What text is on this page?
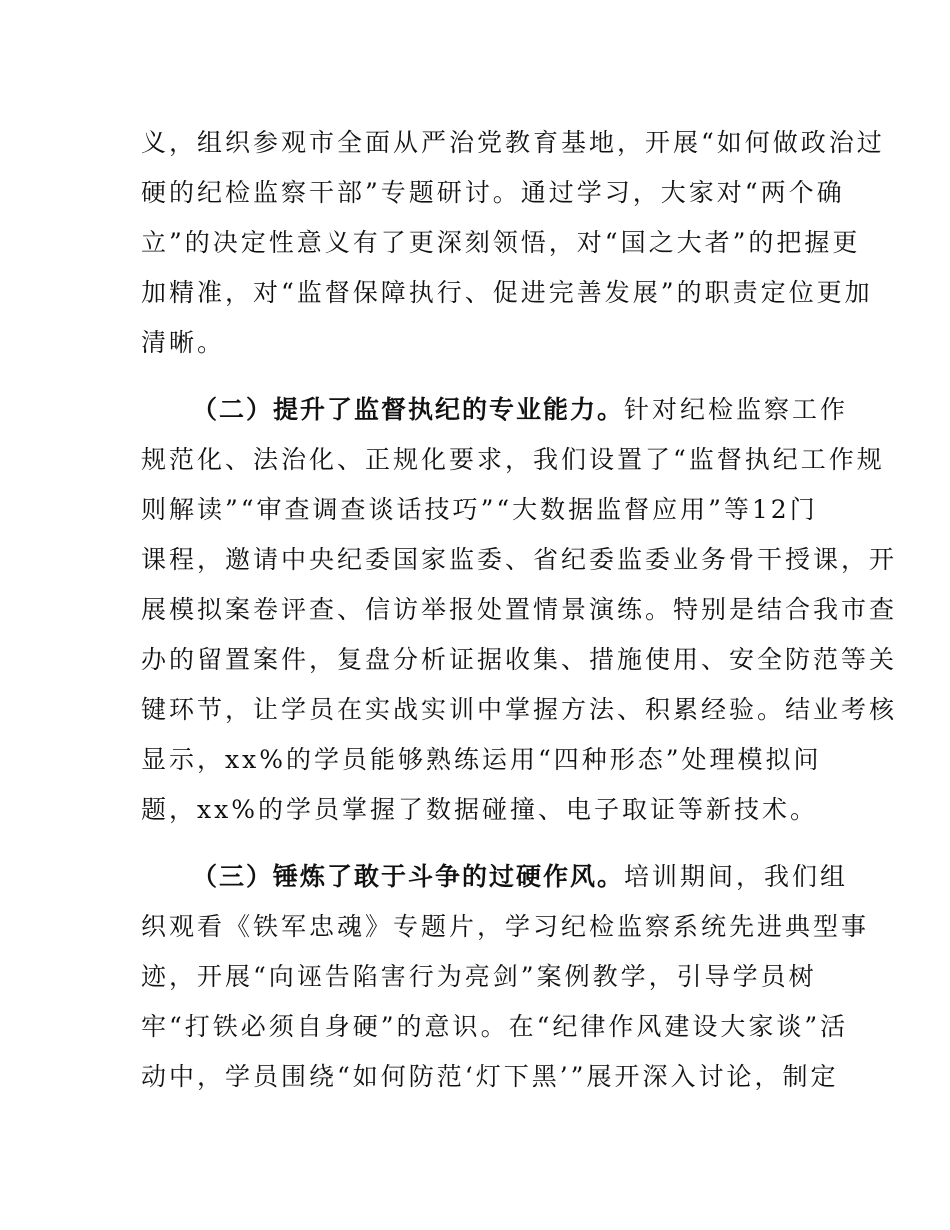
义，组织参观市全面从严治党教育基地，开展“如何做政治过
硬的纪检监察干部”专题研讨。通过学习，大家对“两个确
立”的决定性意义有了更深刻领悟，对“国之大者”的把握更
加精准，对“监督保障执行、促进完善发展”的职责定位更加
清晰。
（二）提升了监督执纪的专业能力。针对纪检监察工作
规范化、法治化、正规化要求，我们设置了“监督执纪工作规
则解读”“审查调查谈话技巧”“大数据监督应用”等12门
课程，邀请中央纪委国家监委、省纪委监委业务骨干授课，开
展模拟案卷评查、信访举报处置情景演练。特别是结合我市查
办的留置案件，复盘分析证据收集、措施使用、安全防范等关
键环节，让学员在实战实训中掌握方法、积累经验。结业考核
显示，xx%的学员能够熟练运用“四种形态”处理模拟问
题，xx%的学员掌握了数据碰撞、电子取证等新技术。
（三）锤炼了敢于斗争的过硬作风。培训期间，我们组
织观看《铁军忠魂》专题片，学习纪检监察系统先进典型事
迹，开展“向诬告陷害行为亮剑”案例教学，引导学员树
牢“打铁必须自身硬”的意识。在“纪律作风建设大家谈”活
动中，学员围绕“如何防范‘灯下黑’”展开深入讨论，制定
